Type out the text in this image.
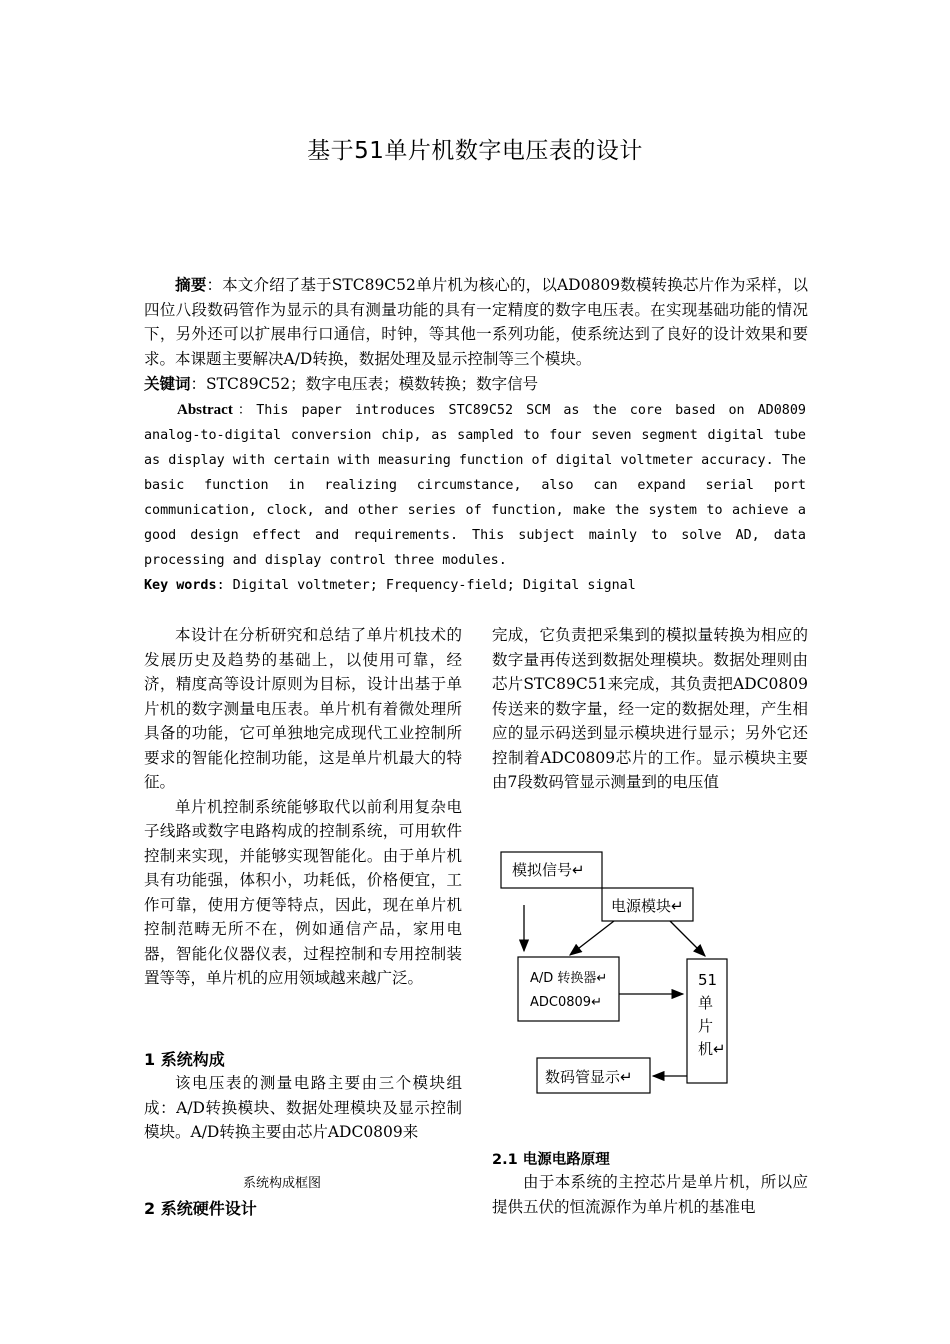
基于51单片机数字电压表的设计
摘要：本文介绍了基于STC89C52单片机为核心的，以AD0809数模转换芯片作为采样，以四位八段数码管作为显示的具有测量功能的具有一定精度的数字电压表。在实现基础功能的情况下，另外还可以扩展串行口通信，时钟，等其他一系列功能，使系统达到了良好的设计效果和要求。本课题主要解决A/D转换，数据处理及显示控制等三个模块。
关键词：STC89C52；数字电压表；模数转换；数字信号
Abstract：This paper introduces STC89C52 SCM as the core based on AD0809 analog-to-digital conversion chip, as sampled to four seven segment digital tube as display with certain with measuring function of digital voltmeter accuracy. The basic function in realizing circumstance, also can expand serial port communication, clock, and other series of function, make the system to achieve a good design effect and requirements. This subject mainly to solve AD, data processing and display control three modules.
Key words: Digital voltmeter; Frequency-field; Digital signal

本设计在分析研究和总结了单片机技术的发展历史及趋势的基础上，以使用可靠，经济，精度高等设计原则为目标，设计出基于单片机的数字测量电压表。单片机有着微处理所具备的功能，它可单独地完成现代工业控制所要求的智能化控制功能，这是单片机最大的特征。

单片机控制系统能够取代以前利用复杂电子线路或数字电路构成的控制系统，可用软件控制来实现，并能够实现智能化。由于单片机具有功能强，体积小，功耗低，价格便宜，工作可靠，使用方便等特点，因此，现在单片机控制范畴无所不在，例如通信产品，家用电器，智能化仪器仪表，过程控制和专用控制装置等等，单片机的应用领域越来越广泛。

1 系统构成

该电压表的测量电路主要由三个模块组成：A/D转换模块、数据处理模块及显示控制模块。A/D转换主要由芯片ADC0809来

系统构成框图
2 系统硬件设计

完成，它负责把采集到的模拟量转换为相应的数字量再传送到数据处理模块。数据处理则由芯片STC89C51来完成，其负责把ADC0809传送来的数字量，经一定的数据处理，产生相应的显示码送到显示模块进行显示；另外它还控制着ADC0809芯片的工作。显示模块主要由7段数码管显示测量到的电压值

模拟信号↵
电源模块↵
A/D 转换器↵
ADC0809↵
51
单
片
机↵
数码管显示↵
2.1 电源电路原理

由于本系统的主控芯片是单片机，所以应提供五伏的恒流源作为单片机的基准电
